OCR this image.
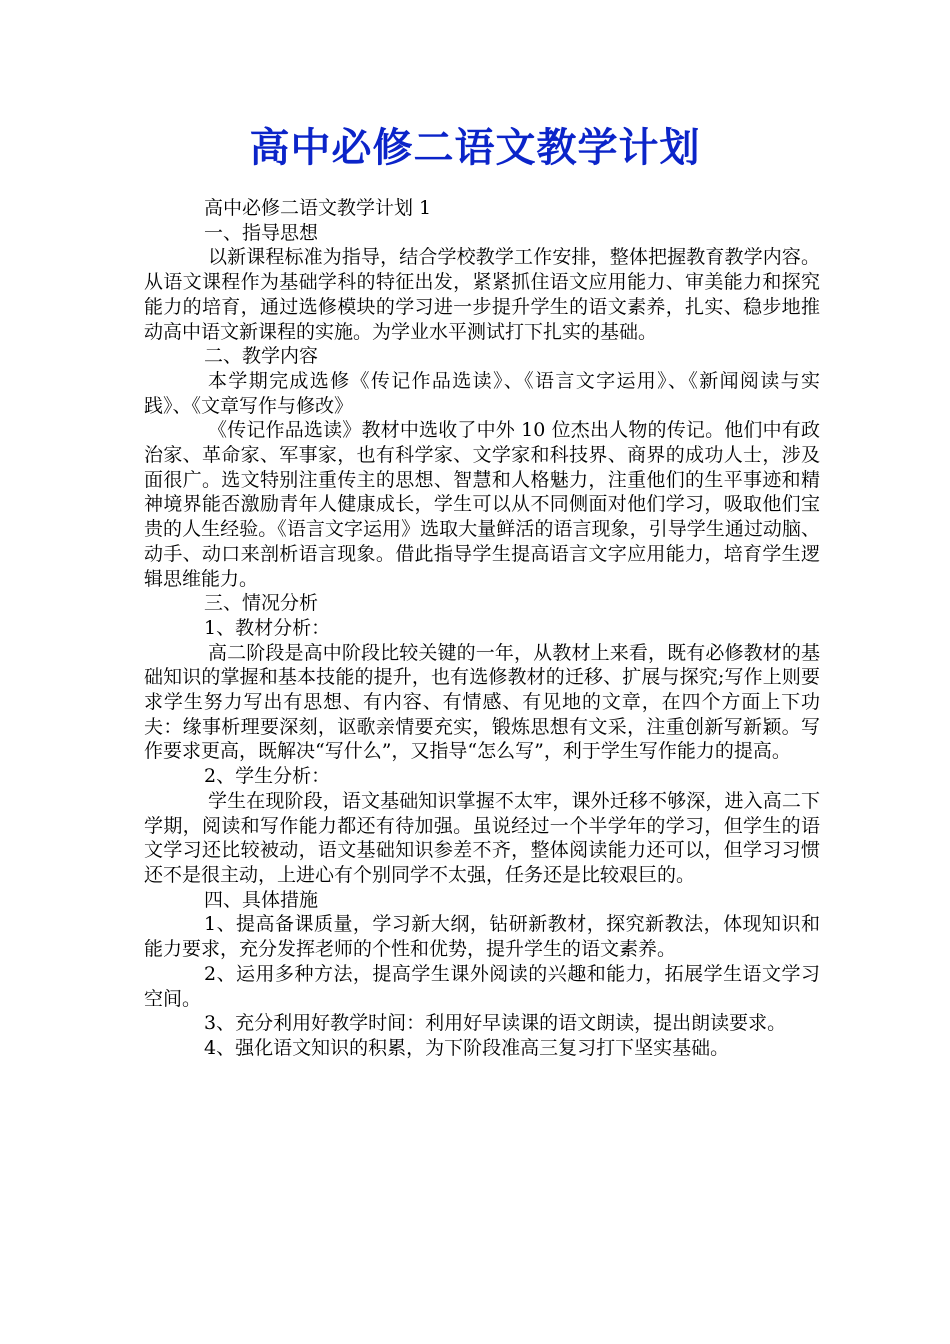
高中必修二语文教学计划

高中必修二语文教学计划 1

一、指导思想

以新课程标准为指导，结合学校教学工作安排，整体把握教育教学内容。从语文课程作为基础学科的特征出发，紧紧抓住语文应用能力、审美能力和探究能力的培育，通过选修模块的学习进一步提升学生的语文素养，扎实、稳步地推动高中语文新课程的实施。为学业水平测试打下扎实的基础。

二、教学内容

本学期完成选修《传记作品选读》、《语言文字运用》、《新闻阅读与实践》、《文章写作与修改》

《传记作品选读》教材中选收了中外 10 位杰出人物的传记。他们中有政治家、革命家、军事家，也有科学家、文学家和科技界、商界的成功人士，涉及面很广。选文特别注重传主的思想、智慧和人格魅力，注重他们的生平事迹和精神境界能否激励青年人健康成长，学生可以从不同侧面对他们学习，吸取他们宝贵的人生经验。《语言文字运用》选取大量鲜活的语言现象，引导学生通过动脑、动手、动口来剖析语言现象。借此指导学生提高语言文字应用能力，培育学生逻辑思维能力。

三、情况分析

1、教材分析：

高二阶段是高中阶段比较关键的一年，从教材上来看，既有必修教材的基础知识的掌握和基本技能的提升，也有选修教材的迁移、扩展与探究;写作上则要求学生努力写出有思想、有内容、有情感、有见地的文章，在四个方面上下功夫：缘事析理要深刻，讴歌亲情要充实，锻炼思想有文采，注重创新写新颖。写作要求更高，既解决“写什么”，又指导“怎么写”，利于学生写作能力的提高。

2、学生分析：

学生在现阶段，语文基础知识掌握不太牢，课外迁移不够深，进入高二下学期，阅读和写作能力都还有待加强。虽说经过一个半学年的学习，但学生的语文学习还比较被动，语文基础知识参差不齐，整体阅读能力还可以，但学习习惯还不是很主动，上进心有个别同学不太强，任务还是比较艰巨的。

四、具体措施

1、提高备课质量，学习新大纲，钻研新教材，探究新教法，体现知识和能力要求，充分发挥老师的个性和优势，提升学生的语文素养。

2、运用多种方法，提高学生课外阅读的兴趣和能力，拓展学生语文学习空间。

3、充分利用好教学时间：利用好早读课的语文朗读，提出朗读要求。

4、强化语文知识的积累，为下阶段准高三复习打下坚实基础。
